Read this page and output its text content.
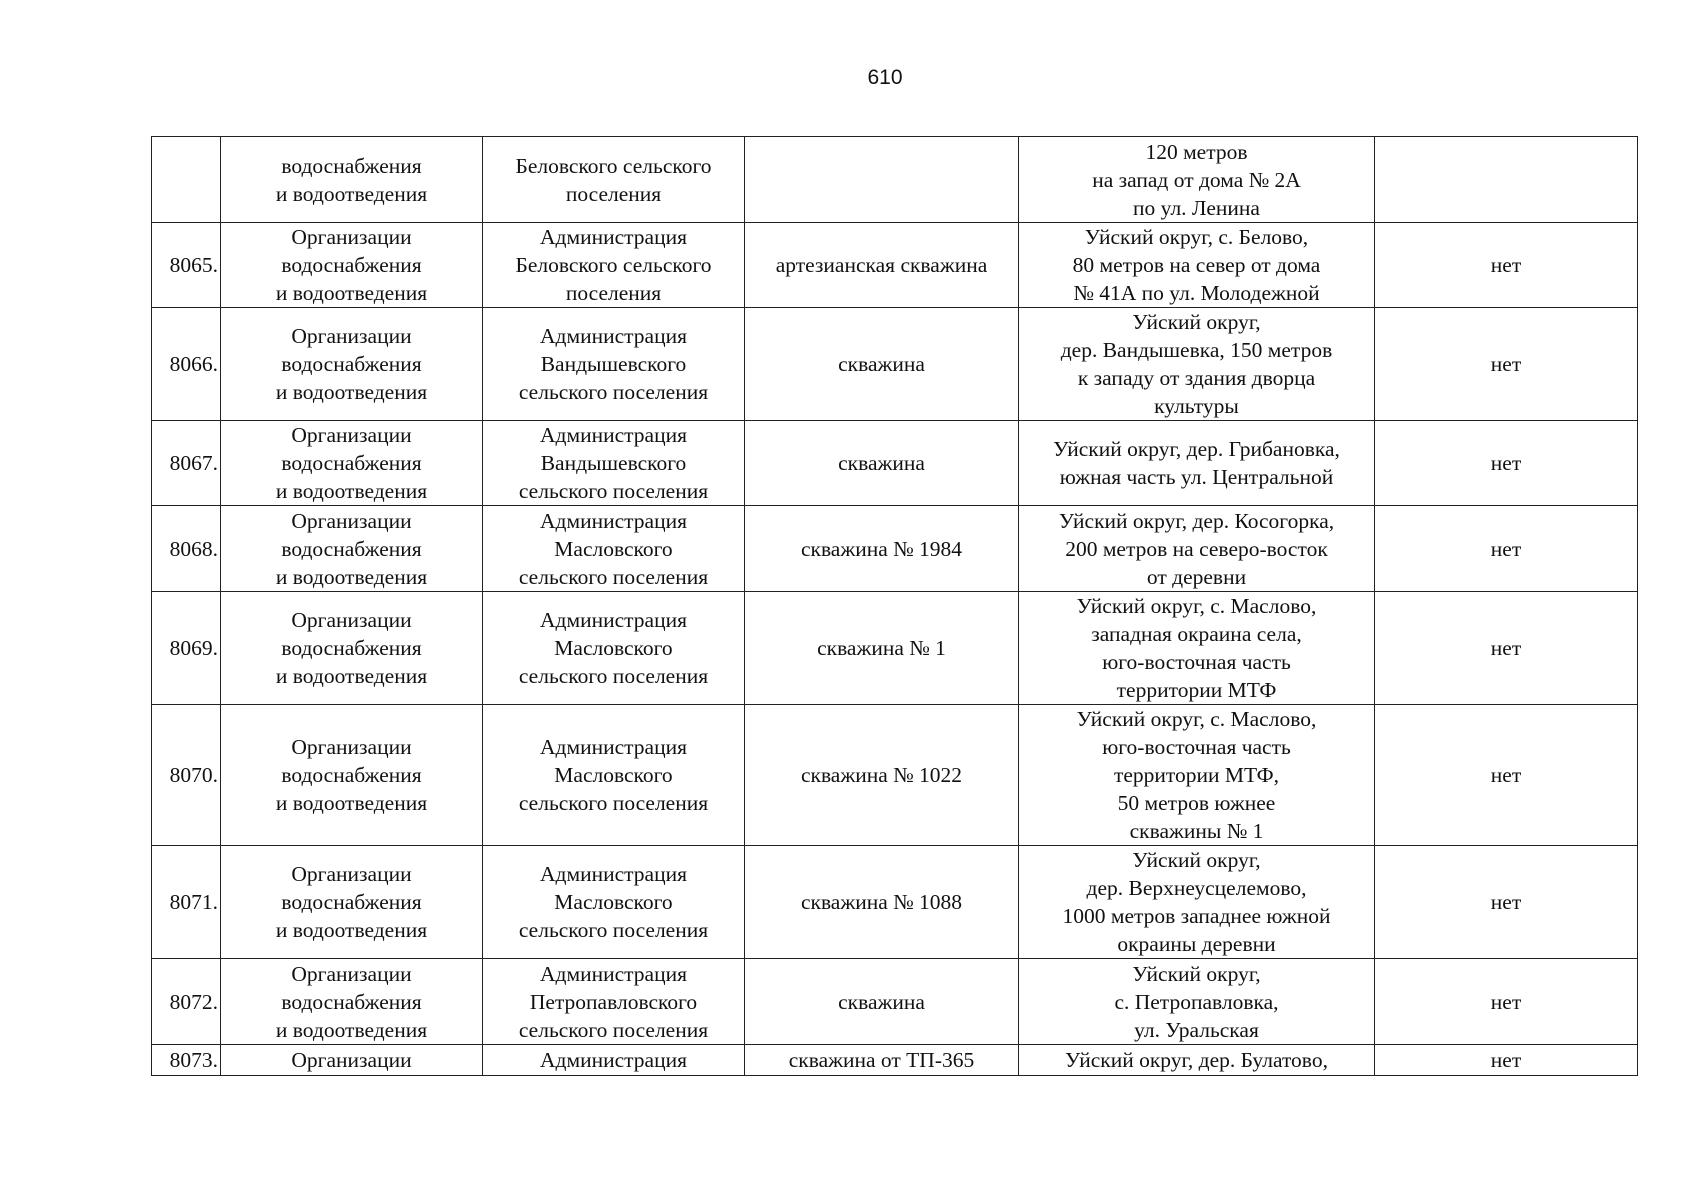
610
	водоснабжения
и водоотведения	Беловского сельского
поселения		120 метров
на запад от дома № 2А
по ул. Ленина	
8065.	Организации
водоснабжения
и водоотведения	Администрация
Беловского сельского
поселения	артезианская скважина	Уйский округ, с. Белово,
80 метров на север от дома
№ 41А по ул. Молодежной	нет
8066.	Организации
водоснабжения
и водоотведения	Администрация
Вандышевского
сельского поселения	скважина	Уйский округ,
дер. Вандышевка, 150 метров
к западу от здания дворца
культуры	нет
8067.	Организации
водоснабжения
и водоотведения	Администрация
Вандышевского
сельского поселения	скважина	Уйский округ, дер. Грибановка,
южная часть ул. Центральной	нет
8068.	Организации
водоснабжения
и водоотведения	Администрация
Масловского
сельского поселения	скважина № 1984	Уйский округ, дер. Косогорка,
200 метров на северо-восток
от деревни	нет
8069.	Организации
водоснабжения
и водоотведения	Администрация
Масловского
сельского поселения	скважина № 1	Уйский округ, с. Маслово,
западная окраина села,
юго-восточная часть
территории МТФ	нет
8070.	Организации
водоснабжения
и водоотведения	Администрация
Масловского
сельского поселения	скважина № 1022	Уйский округ, с. Маслово,
юго-восточная часть
территории МТФ,
50 метров южнее
скважины № 1	нет
8071.	Организации
водоснабжения
и водоотведения	Администрация
Масловского
сельского поселения	скважина № 1088	Уйский округ,
дер. Верхнеусцелемово,
1000 метров западнее южной
окраины деревни	нет
8072.	Организации
водоснабжения
и водоотведения	Администрация
Петропавловского
сельского поселения	скважина	Уйский округ,
с. Петропавловка,
ул. Уральская	нет
8073.	Организации	Администрация	скважина от ТП-365	Уйский округ, дер. Булатово,	нет
